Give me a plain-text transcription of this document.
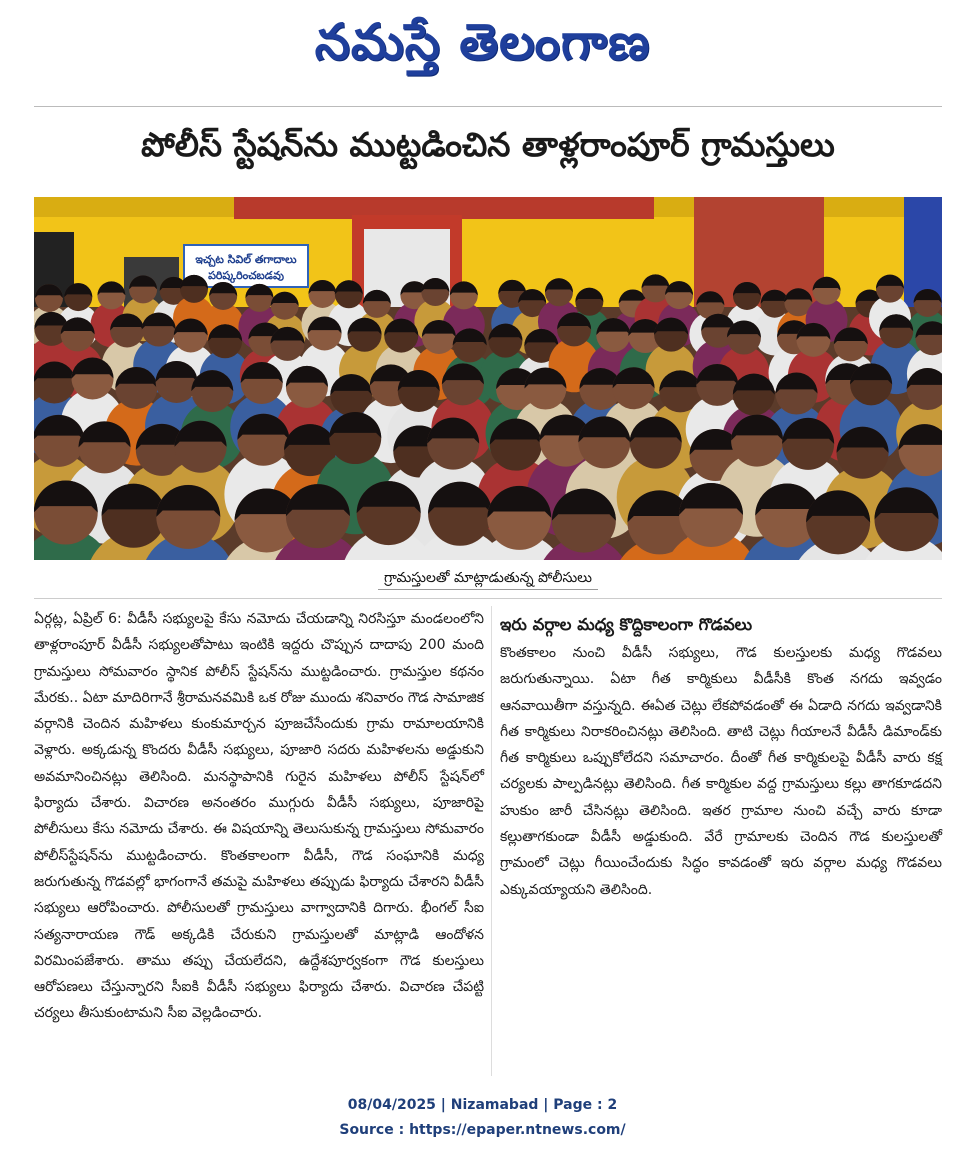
నమస్తే తెలంగాణ
పోలీస్ స్టేషన్‌ను ముట్టడించిన తాళ్లరాంపూర్ గ్రామస్తులు
ఇచ్చట సివిల్ తగాదాలు
పరిష్కరించబడవు
గ్రామస్తులతో మాట్లాడుతున్న పోలీసులు

ఏర్గట్ల, ఏప్రిల్ 6: వీడీసీ సభ్యులపై కేసు నమోదు చేయడాన్ని నిరసిస్తూ మండలంలోని తాళ్లరాంపూర్ వీడీసీ సభ్యులతోపాటు ఇంటికి ఇద్దరు చొప్పున దాదాపు 200 మంది గ్రామస్తులు సోమవారం స్థానిక పోలీస్ స్టేషన్‌ను ముట్టడించారు. గ్రామస్తుల కథనం మేరకు.. ఏటా మాదిరిగానే శ్రీరామనవమికి ఒక రోజు ముందు శనివారం గౌడ సామాజిక వర్గానికి చెందిన మహిళలు కుంకుమార్చన పూజచేసేందుకు గ్రామ రామాలయానికి వెళ్లారు. అక్కడున్న కొందరు వీడీసీ సభ్యులు, పూజారి సదరు మహిళలను అడ్డుకుని అవమానించినట్లు తెలిసింది. మనస్థాపానికి గురైన మహిళలు పోలీస్ స్టేషన్‌లో ఫిర్యాదు చేశారు. విచారణ అనంతరం ముగ్గురు వీడీసీ సభ్యులు, పూజారిపై పోలీసులు కేసు నమోదు చేశారు. ఈ విషయాన్ని తెలుసుకున్న గ్రామస్తులు సోమవారం పోలీస్‌స్టేషన్‌ను ముట్టడించారు. కొంతకాలంగా వీడీసీ, గౌడ సంఘానికి మధ్య జరుగుతున్న గొడవల్లో భాగంగానే తమపై మహిళలు తప్పుడు ఫిర్యాదు చేశారని వీడీసీ సభ్యులు ఆరోపించారు. పోలీసులతో గ్రామస్తులు వాగ్వాదానికి దిగారు. భీంగల్ సీఐ సత్యనారాయణ గౌడ్ అక్కడికి చేరుకుని గ్రామస్తులతో మాట్లాడి ఆందోళన విరమింపజేశారు. తాము తప్పు చేయలేదని, ఉద్దేశపూర్వకంగా గౌడ కులస్తులు ఆరోపణలు చేస్తున్నారని సీఐకి వీడీసీ సభ్యులు ఫిర్యాదు చేశారు. విచారణ చేపట్టి చర్యలు తీసుకుంటామని సీఐ వెల్లడించారు.

ఇరు వర్గాల మధ్య కొద్దికాలంగా గొడవలు

కొంతకాలం నుంచి వీడీసీ సభ్యులు, గౌడ కులస్తులకు మధ్య గొడవలు జరుగుతున్నాయి. ఏటా గీత కార్మికులు వీడీసీకి కొంత నగదు ఇవ్వడం ఆనవాయితీగా వస్తున్నది. ఈఏత చెట్లు లేకపోవడంతో ఈ ఏడాది నగదు ఇవ్వడానికి గీత కార్మికులు నిరాకరించినట్లు తెలిసింది. తాటి చెట్లు గీయాలనే వీడీసీ డిమాండ్‌కు గీత కార్మికులు ఒప్పుకోలేదని సమాచారం. దీంతో గీత కార్మికులపై వీడీసీ వారు కక్ష చర్యలకు పాల్పడినట్లు తెలిసింది. గీత కార్మికుల వద్ద గ్రామస్తులు కల్లు తాగకూడదని హుకుం జారీ చేసినట్లు తెలిసింది. ఇతర గ్రామాల నుంచి వచ్చే వారు కూడా కల్లుతాగకుండా వీడీసీ అడ్డుకుంది. వేరే గ్రామాలకు చెందిన గౌడ కులస్తులతో గ్రామంలో చెట్లు గీయించేందుకు సిద్ధం కావడంతో ఇరు వర్గాల మధ్య గొడవలు ఎక్కువయ్యాయని తెలిసింది.

08/04/2025 | Nizamabad | Page : 2
Source : https://epaper.ntnews.com/
